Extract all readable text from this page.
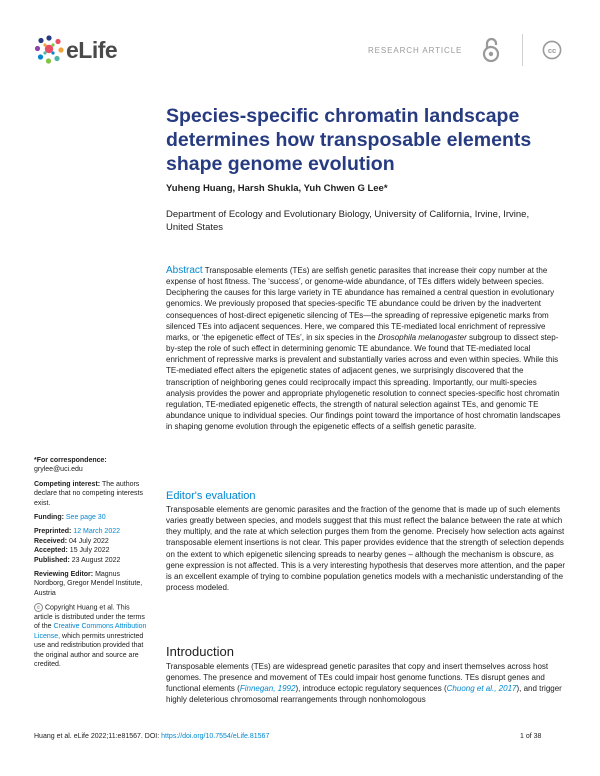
eLife	RESEARCH ARTICLE	cc
Species-specific chromatin landscape determines how transposable elements shape genome evolution
Yuheng Huang, Harsh Shukla, Yuh Chwen G Lee*
Department of Ecology and Evolutionary Biology, University of California, Irvine, Irvine, United States
Abstract Transposable elements (TEs) are selfish genetic parasites that increase their copy number at the expense of host fitness. The ‘success’, or genome-wide abundance, of TEs differs widely between species. Deciphering the causes for this large variety in TE abundance has remained a central question in evolutionary genomics. We previously proposed that species-specific TE abundance could be driven by the inadvertent consequences of host-direct epigenetic silencing of TEs—the spreading of repressive epigenetic marks from silenced TEs into adjacent sequences. Here, we compared this TE-mediated local enrichment of repressive marks, or ‘the epigenetic effect of TEs’, in six species in the Drosophila melanogaster subgroup to dissect step-by-step the role of such effect in determining genomic TE abundance. We found that TE-mediated local enrichment of repressive marks is prevalent and substantially varies across and even within species. While this TE-mediated effect alters the epigenetic states of adjacent genes, we surprisingly discovered that the transcription of neighboring genes could reciprocally impact this spreading. Importantly, our multi-species analysis provides the power and appropriate phylogenetic resolution to connect species-specific host chromatin regulation, TE-mediated epigenetic effects, the strength of natural selection against TEs, and genomic TE abundance unique to individual species. Our findings point toward the importance of host chromatin landscapes in shaping genome evolution through the epigenetic effects of a selfish genetic parasite.

*For correspondence:
grylee@uci.edu

Competing interest: The authors declare that no competing interests exist.

Funding: See page 30

Preprinted: 12 March 2022
Received: 04 July 2022
Accepted: 15 July 2022
Published: 23 August 2022

Reviewing Editor: Magnus Nordborg, Gregor Mendel Institute, Austria

© Copyright Huang et al. This article is distributed under the terms of the Creative Commons Attribution License, which permits unrestricted use and redistribution provided that the original author and source are credited.

Editor's evaluation
Transposable elements are genomic parasites and the fraction of the genome that is made up of such elements varies greatly between species, and models suggest that this must reflect the balance between the rate at which they multiply, and the rate at which selection purges them from the genome. Precisely how selection acts against transposable element insertions is not clear. This paper provides evidence that the strength of selection depends on the extent to which epigenetic silencing spreads to nearby genes – although the mechanism is obscure, as gene expression is not affected. This is a very interesting hypothesis that deserves more attention, and the paper is an excellent example of trying to combine population genetics models with a mechanistic understanding of the process modeled.
Introduction
Transposable elements (TEs) are widespread genetic parasites that copy and insert themselves across host genomes. The presence and movement of TEs could impair host genome functions. TEs disrupt genes and functional elements (Finnegan, 1992), introduce ectopic regulatory sequences (Chuong et al., 2017), and trigger highly deleterious chromosomal rearrangements through nonhomologous
Huang et al. eLife 2022;11:e81567. DOI: https://doi.org/10.7554/eLife.81567	1 of 38
